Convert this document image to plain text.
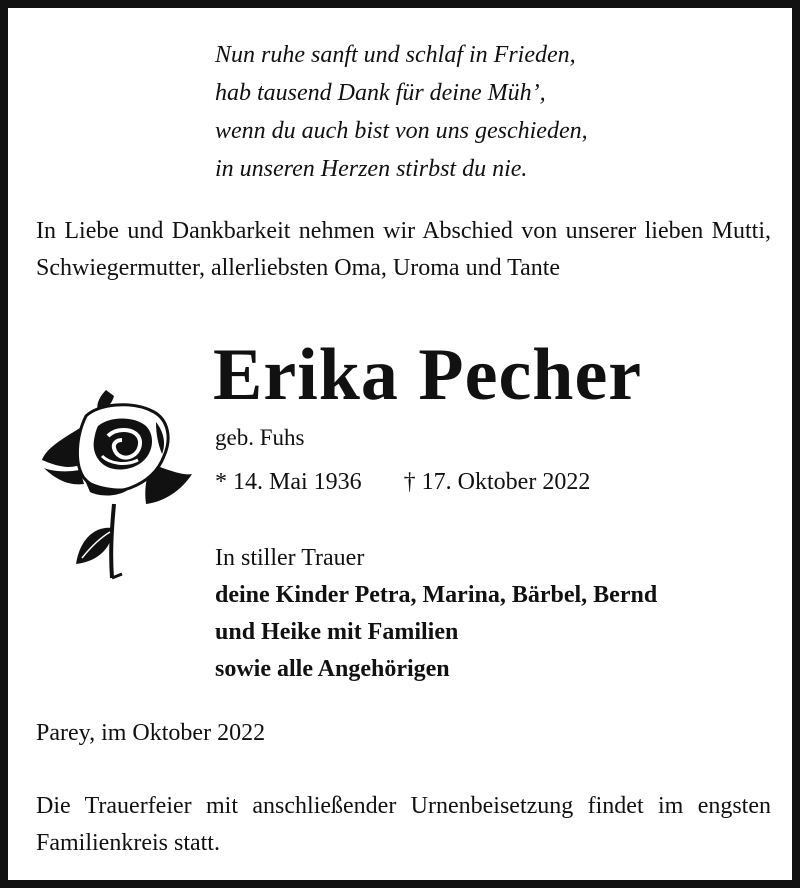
Nun ruhe sanft und schlaf in Frieden,
hab tausend Dank für deine Müh’,
wenn du auch bist von uns geschieden,
in unseren Herzen stirbst du nie.
In Liebe und Dankbarkeit nehmen wir Abschied von unserer lieben Mutti, Schwiegermutter, allerliebsten Oma, Uroma und Tante
Erika Pecher
geb. Fuhs
* 14. Mai 1936 † 17. Oktober 2022
In stiller Trauer
deine Kinder Petra, Marina, Bärbel, Bernd
und Heike mit Familien
sowie alle Angehörigen
Parey, im Oktober 2022
Die Trauerfeier mit anschließender Urnenbeisetzung findet im engsten Familienkreis statt.
